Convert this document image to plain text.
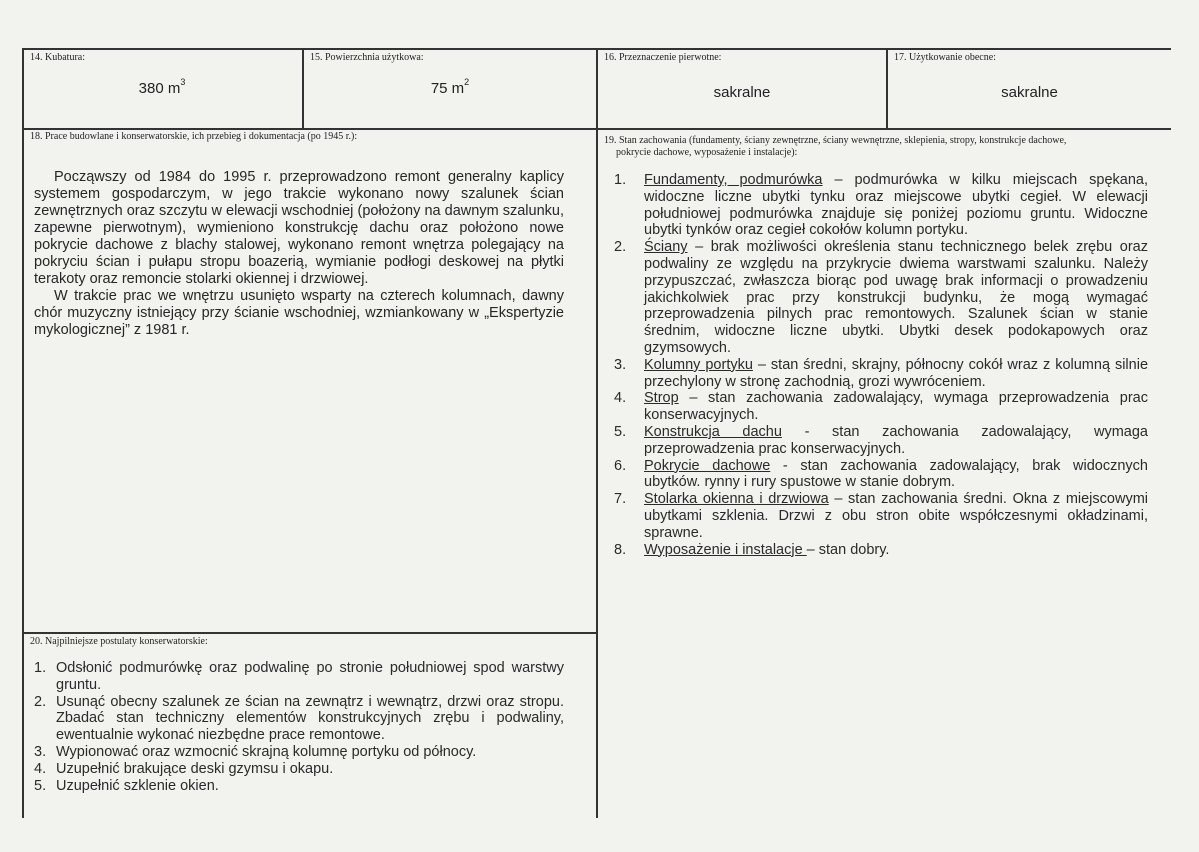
14. Kubatura:
380 $m^3$
15. Powierzchnia użytkowa:
75 $m^2$
16. Przeznaczenie pierwotne:
sakralne
17. Użytkowanie obecne:
sakralne
18. Prace budowlane i konserwatorskie, ich przebieg i dokumentacja (po 1945 r.):

Począwszy od 1984 do 1995 r. przeprowadzono remont generalny kaplicy systemem gospodarczym, w jego trakcie wykonano nowy szalunek ścian zewnętrznych oraz szczytu w elewacji wschodniej (położony na dawnym szalunku, zapewne pierwotnym), wymieniono konstrukcję dachu oraz położono nowe pokrycie dachowe z blachy stalowej, wykonano remont wnętrza polegający na pokryciu ścian i pułapu stropu boazerią, wymianie podłogi deskowej na płytki terakoty oraz remoncie stolarki okiennej i drzwiowej.

W trakcie prac we wnętrzu usunięto wsparty na czterech kolumnach, dawny chór muzyczny istniejący przy ścianie wschodniej, wzmiankowany w „Ekspertyzie mykologicznej” z 1981 r.

19. Stan zachowania (fundamenty, ściany zewnętrzne, ściany wewnętrzne, sklepienia, stropy, konstrukcje dachowe,
pokrycie dachowe, wyposażenie i instalacje):
1. Fundamenty, podmurówka – podmurówka w kilku miejscach spękana, widoczne liczne ubytki tynku oraz miejscowe ubytki cegieł. W elewacji południowej podmurówka znajduje się poniżej poziomu gruntu. Widoczne ubytki tynków oraz cegieł cokołów kolumn portyku.
2. Ściany – brak możliwości określenia stanu technicznego belek zrębu oraz podwaliny ze względu na przykrycie dwiema warstwami szalunku. Należy przypuszczać, zwłaszcza biorąc pod uwagę brak informacji o prowadzeniu jakichkolwiek prac przy konstrukcji budynku, że mogą wymagać przeprowadzenia pilnych prac remontowych. Szalunek ścian w stanie średnim, widoczne liczne ubytki. Ubytki desek podokapowych oraz gzymsowych.
3. Kolumny portyku – stan średni, skrajny, północny cokół wraz z kolumną silnie przechylony w stronę zachodnią, grozi wywróceniem.
4. Strop – stan zachowania zadowalający, wymaga przeprowadzenia prac konserwacyjnych.
5. Konstrukcja dachu - stan zachowania zadowalający, wymaga przeprowadzenia prac konserwacyjnych.
6. Pokrycie dachowe - stan zachowania zadowalający, brak widocznych ubytków. rynny i rury spustowe w stanie dobrym.
7. Stolarka okienna i drzwiowa – stan zachowania średni. Okna z miejscowymi ubytkami szklenia. Drzwi z obu stron obite współczesnymi okładzinami, sprawne.
8. Wyposażenie i instalacje – stan dobry.
20. Najpilniejsze postulaty konserwatorskie:
1. Odsłonić podmurówkę oraz podwalinę po stronie południowej spod warstwy gruntu.
2. Usunąć obecny szalunek ze ścian na zewnątrz i wewnątrz, drzwi oraz stropu. Zbadać stan techniczny elementów konstrukcyjnych zrębu i podwaliny, ewentualnie wykonać niezbędne prace remontowe.
3. Wypionować oraz wzmocnić skrajną kolumnę portyku od północy.
4. Uzupełnić brakujące deski gzymsu i okapu.
5. Uzupełnić szklenie okien.
